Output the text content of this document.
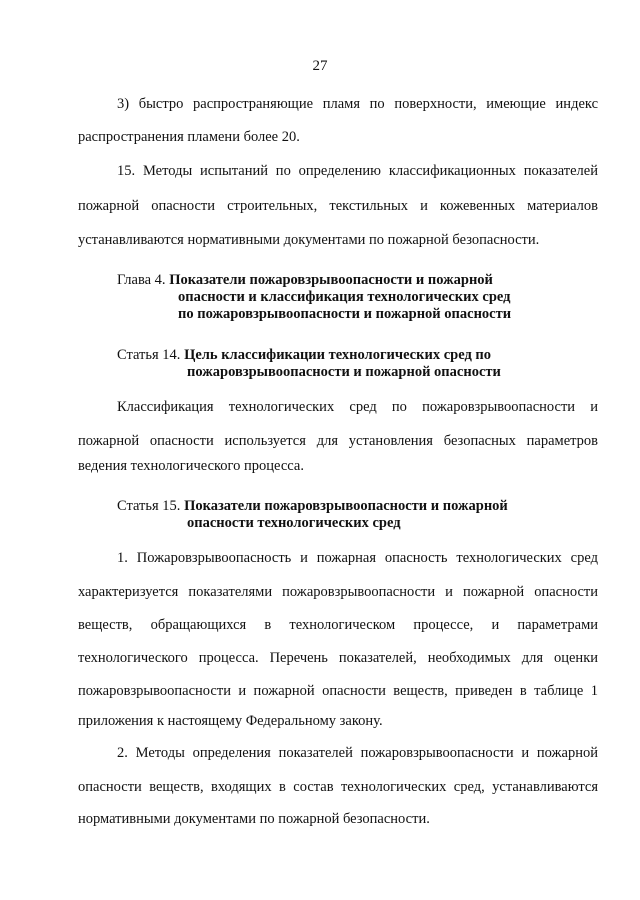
27

3) быстро распространяющие пламя по поверхности, имеющие индекс

распространения пламени более 20.

15. Методы испытаний по определению классификационных показателей

пожарной опасности строительных, текстильных и кожевенных материалов

устанавливаются нормативными документами по пожарной безопасности.

Глава 4. Показатели пожаровзрывоопасности и пожарной
опасности и классификация технологических сред
по пожаровзрывоопасности и пожарной опасности
Статья 14. Цель классификации технологических сред по
пожаровзрывоопасности и пожарной опасности

Классификация технологических сред по пожаровзрывоопасности и

пожарной опасности используется для установления безопасных параметров

ведения технологического процесса.

Статья 15. Показатели пожаровзрывоопасности и пожарной
опасности технологических сред

1. Пожаровзрывоопасность и пожарная опасность технологических сред

характеризуется показателями пожаровзрывоопасности и пожарной опасности

веществ, обращающихся в технологическом процессе, и параметрами

технологического процесса. Перечень показателей, необходимых для оценки

пожаровзрывоопасности и пожарной опасности веществ, приведен в таблице 1

приложения к настоящему Федеральному закону.

2. Методы определения показателей пожаровзрывоопасности и пожарной

опасности веществ, входящих в состав технологических сред, устанавливаются

нормативными документами по пожарной безопасности.
